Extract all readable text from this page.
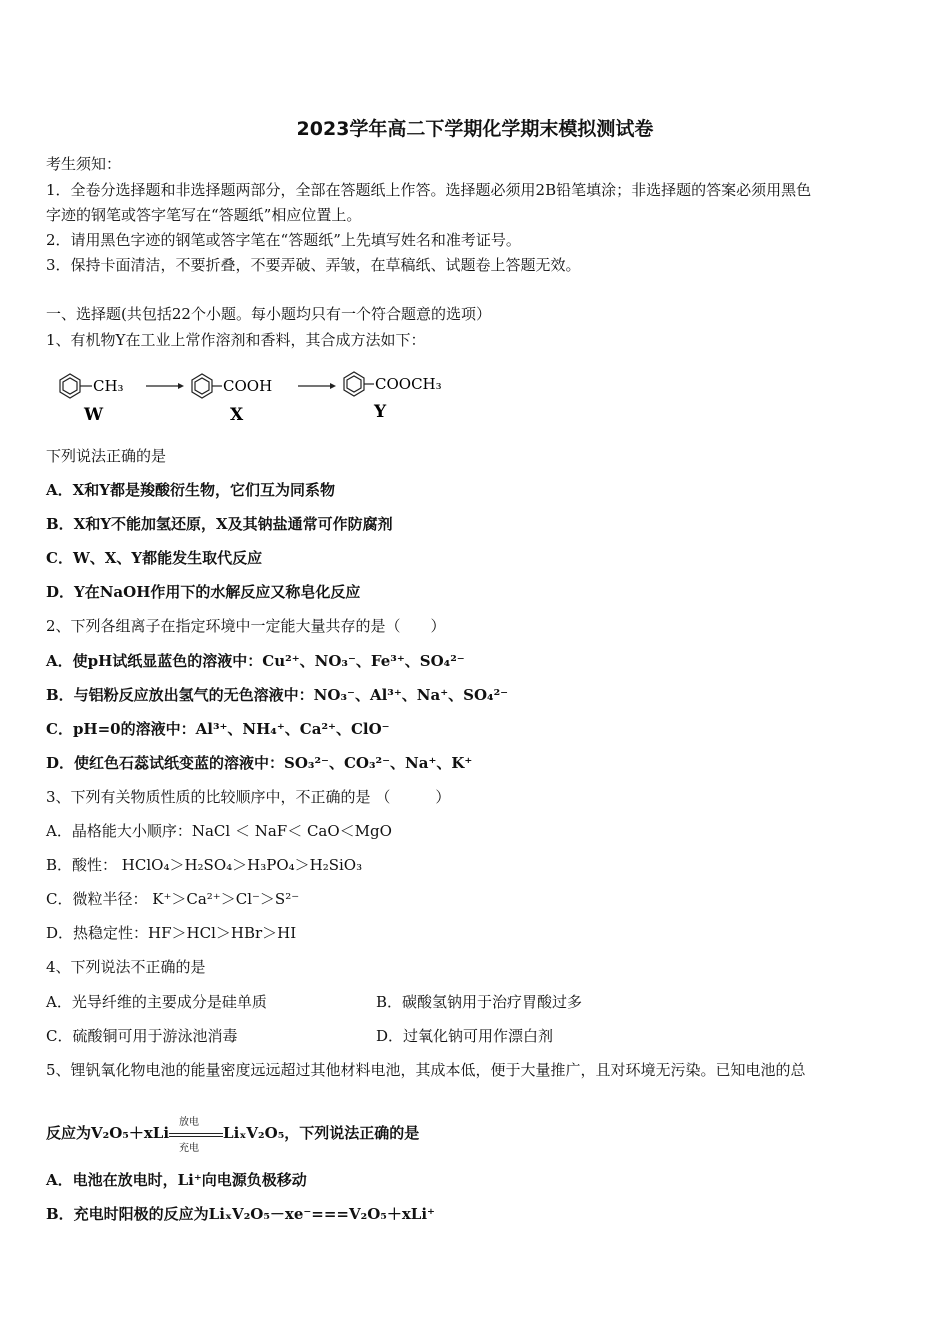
2023学年高二下学期化学期末模拟测试卷
考生须知：
1．全卷分选择题和非选择题两部分，全部在答题纸上作答。选择题必须用2B铅笔填涂；非选择题的答案必须用黑色
字迹的钢笔或答字笔写在“答题纸”相应位置上。
2．请用黑色字迹的钢笔或答字笔在“答题纸”上先填写姓名和准考证号。
3．保持卡面清洁，不要折叠，不要弄破、弄皱，在草稿纸、试题卷上答题无效。
一、选择题(共包括22个小题。每小题均只有一个符合题意的选项）
1、有机物Y在工业上常作溶剂和香料，其合成方法如下：
CH₃
W
COOH
X
COOCH₃
Y
下列说法正确的是
A．X和Y都是羧酸衍生物，它们互为同系物
B．X和Y不能加氢还原，X及其钠盐通常可作防腐剂
C．W、X、Y都能发生取代反应
D．Y在NaOH作用下的水解反应又称皂化反应
2、下列各组离子在指定环境中一定能大量共存的是（　　）
A．使pH试纸显蓝色的溶液中：Cu²⁺、NO₃⁻、Fe³⁺、SO₄²⁻
B．与铝粉反应放出氢气的无色溶液中：NO₃⁻、Al³⁺、Na⁺、SO₄²⁻
C．pH=0的溶液中：Al³⁺、NH₄⁺、Ca²⁺、ClO⁻
D．使红色石蕊试纸变蓝的溶液中：SO₃²⁻、CO₃²⁻、Na⁺、K⁺
3、下列有关物质性质的比较顺序中，不正确的是 （　　　）
A．晶格能大小顺序：NaCl ＜ NaF＜ CaO＜MgO
B．酸性： HClO₄＞H₂SO₄＞H₃PO₄＞H₂SiO₃
C．微粒半径： K⁺＞Ca²⁺＞Cl⁻＞S²⁻
D．热稳定性：HF＞HCl＞HBr＞HI
4、下列说法不正确的是
A．光导纤维的主要成分是硅单质	B．碳酸氢钠用于治疗胃酸过多
C．硫酸铜可用于游泳池消毒	D．过氧化钠可用作漂白剂
5、锂钒氧化物电池的能量密度远远超过其他材料电池，其成本低，便于大量推广，且对环境无污染。已知电池的总
反应为V₂O₅＋xLi
放电
充电
LiₓV₂O₅，下列说法正确的是
A．电池在放电时，Li⁺向电源负极移动
B．充电时阳极的反应为LiₓV₂O₅－xe⁻===V₂O₅＋xLi⁺
